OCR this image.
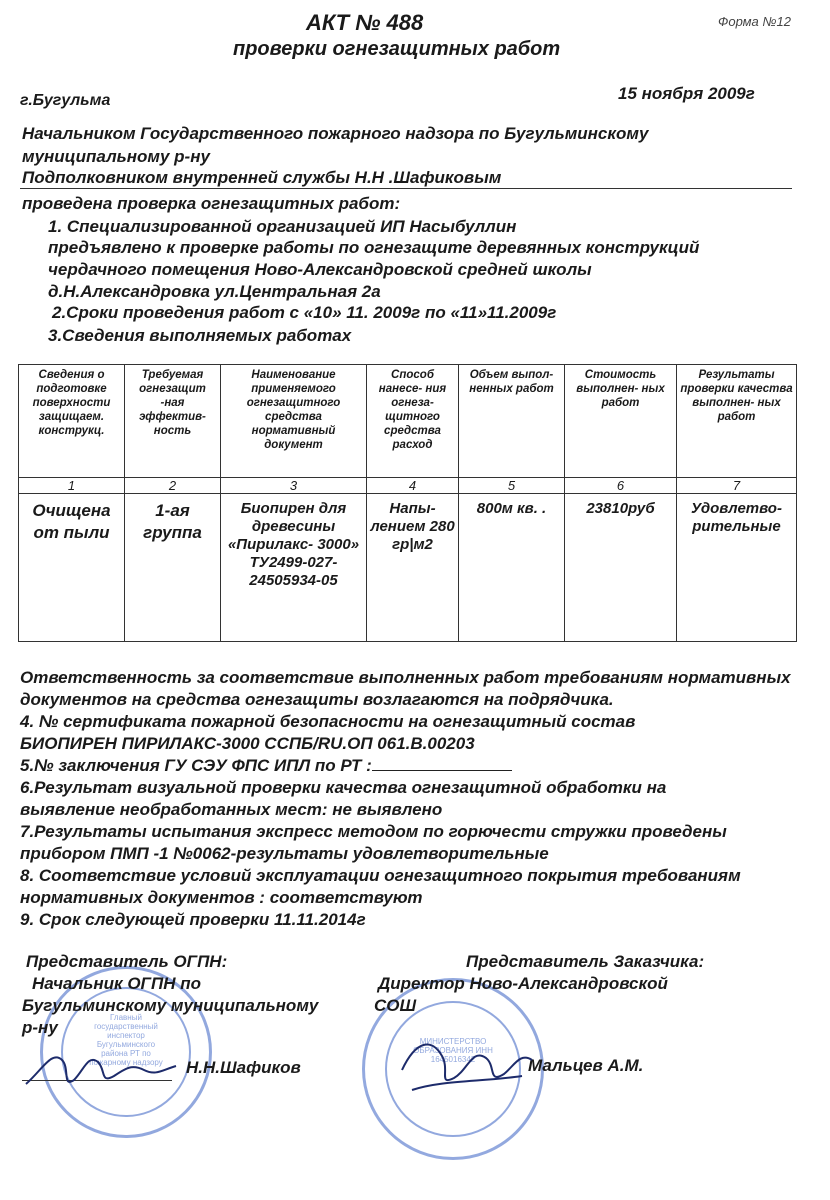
Форма №12
АКТ № 488
проверки огнезащитных работ
г.Бугульма	15 ноября 2009г
Начальником Государственного пожарного надзора по Бугульминскому
муниципальному р-ну
Подполковником внутренней службы Н.Н .Шафиковым
проведена проверка огнезащитных работ:
1. Специализированной организацией ИП Насыбуллин
предъявлено к проверке работы по огнезащите деревянных конструкций
чердачного помещения Ново-Александровской средней школы
д.Н.Александровка ул.Центральная 2а
2.Сроки проведения работ с «10» 11. 2009г по «11»11.2009г
3.Сведения выполняемых работах
Сведения о подготовке поверхности защищаем. конструкц.	Требуемая огнезащит -ная эффектив- ность	Наименование применяемого огнезащитного средства нормативный документ	Способ нанесе- ния огнеза- щитного средства расход	Объем выпол- ненных работ	Стоимость выполнен- ных работ	Результаты проверки качества выполнен- ных работ
1	2	3	4	5	6	7
Очищена от пыли	1-ая группа	Биопирен для древесины «Пирилакс- 3000» ТУ2499-027- 24505934-05	Напы- лением 280 гр|м2	800м кв. .	23810руб	Удовлетво- рительные
Ответственность за соответствие выполненных работ требованиям нормативных
документов на средства огнезащиты возлагаются на подрядчика.
4. № сертификата пожарной безопасности на огнезащитный состав
БИОПИРЕН ПИРИЛАКС-3000 ССПБ/RU.ОП 061.В.00203
5.№ заключения ГУ СЭУ ФПС ИПЛ по РТ :
6.Результат визуальной проверки качества огнезащитной обработки на
выявление необработанных мест: не выявлено
7.Результаты испытания экспресс методом по горючести стружки проведены
прибором ПМП -1 №0062-результаты удовлетворительные
8. Соответствие условий эксплуатации огнезащитного покрытия требованиям
нормативных документов : соответствуют
9. Срок следующей проверки 11.11.2014г
Главный государственный инспектор Бугульминского района РТ по пожарному надзору
МИНИСТЕРСТВО ОБРАЗОВАНИЯ ИНН 1645016342
Представитель ОГПН:
Начальник ОГПН по
Бугульминскому муниципальному
р-ну
Н.Н.Шафиков
Представитель Заказчика:
Директор Ново-Александровской
СОШ
Мальцев А.М.
